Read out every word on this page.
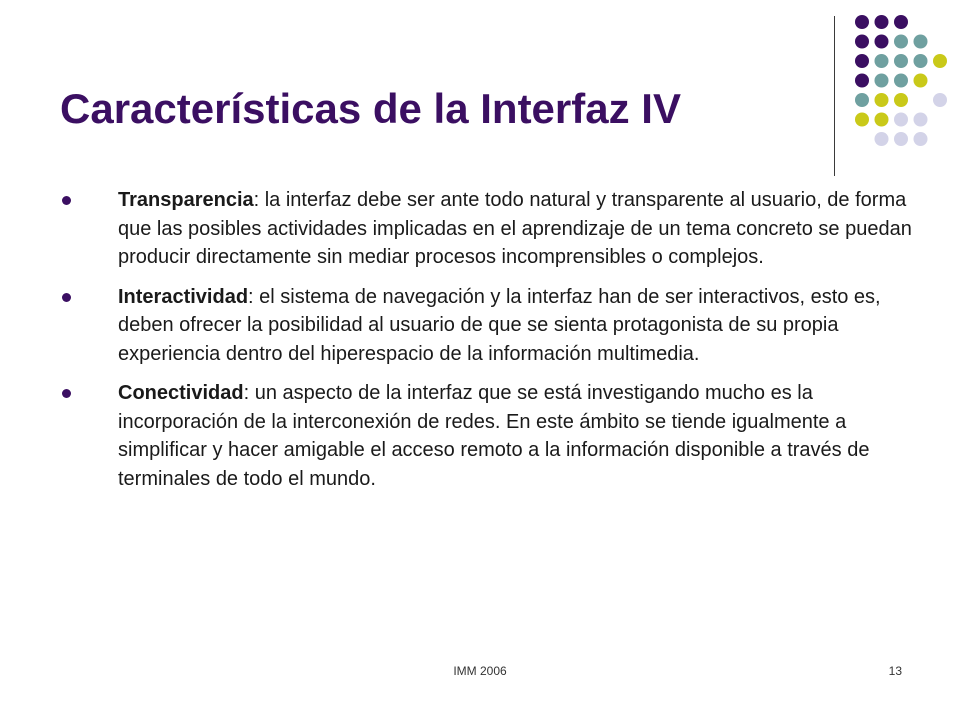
Características de la Interfaz IV
Transparencia: la interfaz debe ser ante todo natural y transparente al usuario, de forma que las posibles actividades implicadas en el aprendizaje de un tema concreto se puedan producir directamente sin mediar procesos incomprensibles o complejos.
Interactividad: el sistema de navegación y la interfaz han de ser interactivos, esto es, deben ofrecer la posibilidad al usuario de que se sienta protagonista de su propia experiencia dentro del hiperespacio de la información multimedia.
Conectividad: un aspecto de la interfaz que se está investigando mucho es la incorporación de la interconexión de redes. En este ámbito se tiende igualmente a simplificar y hacer amigable el acceso remoto a la información disponible a través de terminales de todo el mundo.
IMM 2006	13
